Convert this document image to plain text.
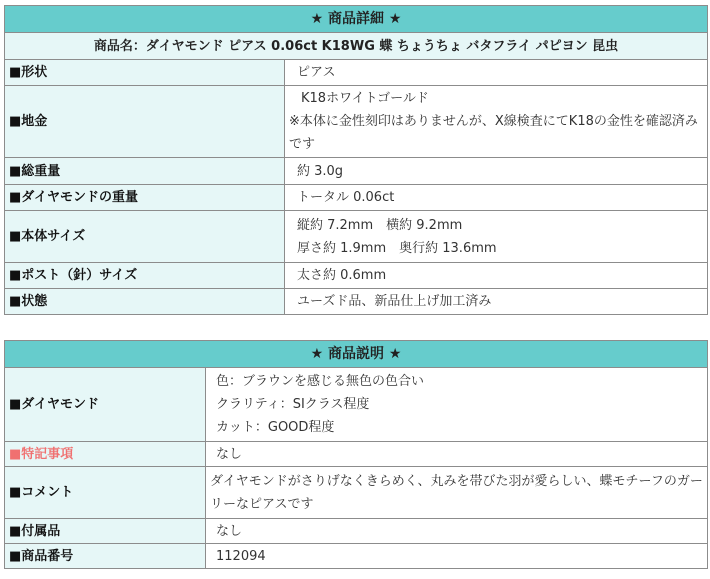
★ 商品詳細 ★	
商品名：ダイヤモンド ピアス 0.06ct K18WG 蝶 ちょうちょ バタフライ パピヨン 昆虫	
■形状	ピアス

■地金	K18ホワイトゴールド
※本体に金性刻印はありませんが、X線検査にてK18の金性を確認済みです

■総重量	約 3.0g

■ダイヤモンドの重量	トータル 0.06ct

■本体サイズ	縦約 7.2mm　横約 9.2mm
厚さ約 1.9mm　奥行約 13.6mm

■ポスト（針）サイズ	太さ約 0.6mm

■状態	ユーズド品、新品仕上げ加工済み
★ 商品説明 ★	
■ダイヤモンド	色：ブラウンを感じる無色の色合い
クラリティ：SIクラス程度
カット：GOOD程度

■特記事項	なし

■コメント	ダイヤモンドがさりげなくきらめく、丸みを帯びた羽が愛らしい、蝶モチーフのガーリーなピアスです

■付属品	なし

■商品番号	112094
